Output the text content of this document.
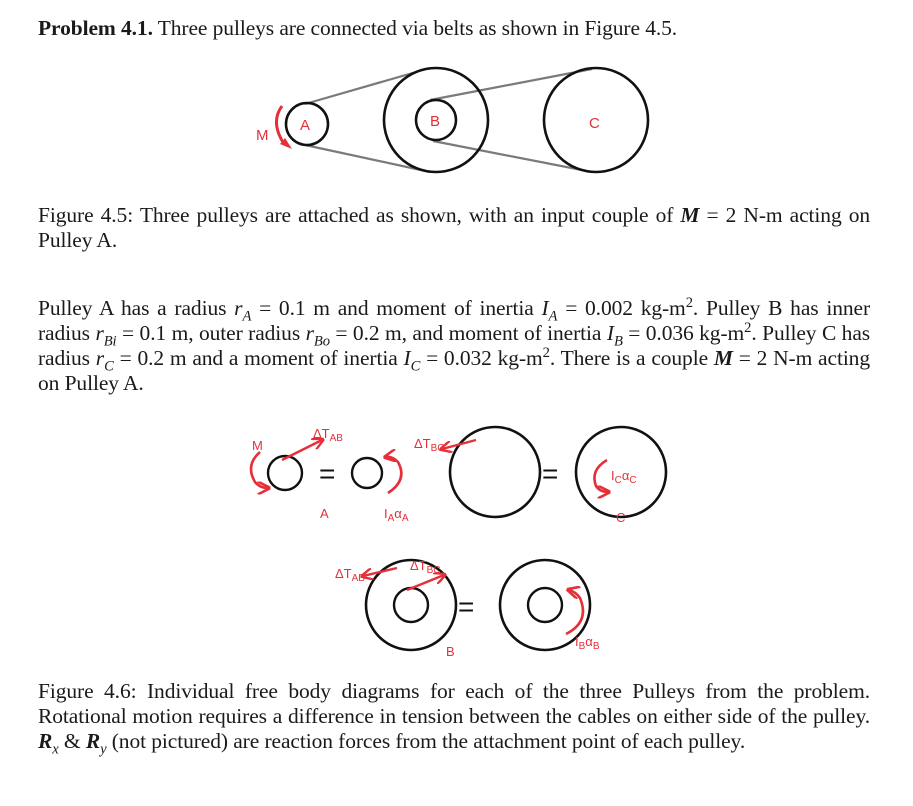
Problem 4.1. Three pulleys are connected via belts as shown in Figure 4.5.
A	B	C
M
Figure 4.5: Three pulleys are attached as shown, with an input couple of M = 2 N-m acting on Pulley A.
Pulley A has a radius $r_A = 0.1$ m and moment of inertia $I_A = 0.002$ $kg-m^2$. Pulley B has inner radius $r_{Bi} = 0.1$ m, outer radius $r_{Bo} = 0.2$ m, and moment of inertia $I_B = 0.036$ $kg-m^2$. Pulley C has radius $r_C = 0.2$ m and a moment of inertia $I_C = 0.032$ $kg-m^2$. There is a couple M = 2 N-m acting on Pulley A.
M
$\Delta T_{AB}$
=
A	$I_A\alpha_A$
$\Delta T_{BC}$
=	$I_C\alpha_C$
C
$\Delta T_{AB}$
$\Delta T_{BC}$
=
$I_B\alpha_B$
B
Figure 4.6: Individual free body diagrams for each of the three Pulleys from the problem. Rotational motion requires a difference in tension between the cables on either side of the pulley. $R_x$ & $R_y$ (not pictured) are reaction forces from the attachment point of each pulley.
